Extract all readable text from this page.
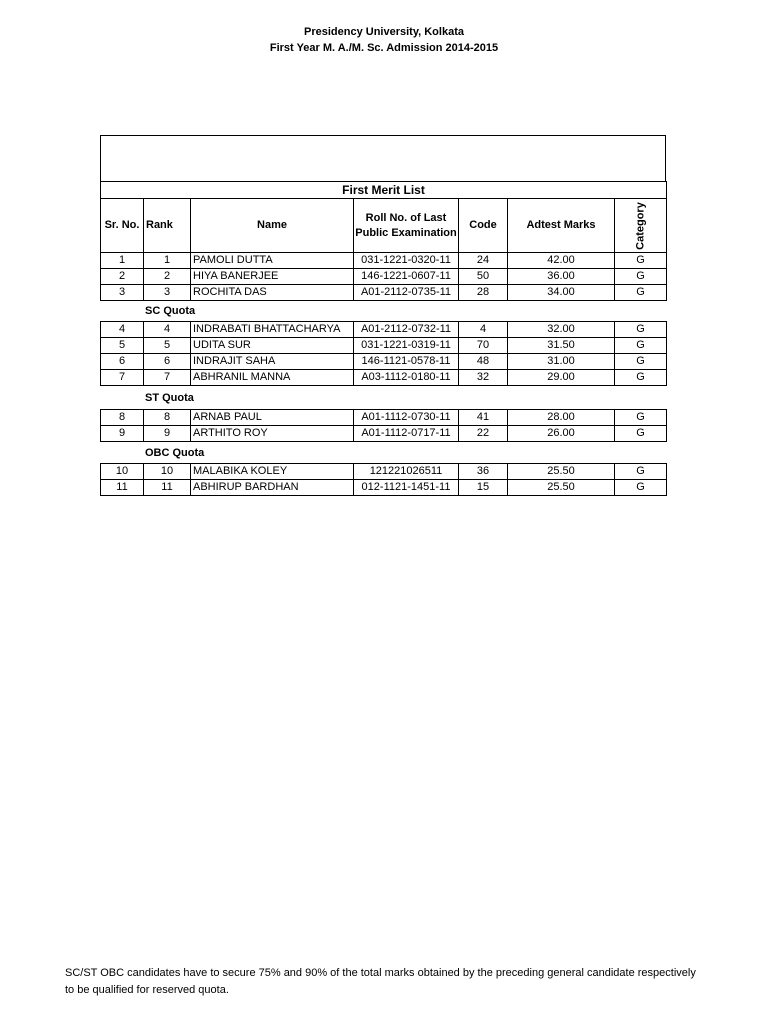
Presidency University, Kolkata
First Year M. A./M. Sc. Admission 2014-2015
First Merit List						
Sr. No.	Rank	Name	Roll No. of Last Public Examination	Code	Adtest Marks	Category

1	1	PAMOLI DUTTA	031-1221-0320-11	24	42.00	G
2	2	HIYA BANERJEE	146-1221-0607-11	50	36.00	G
3	3	ROCHITA DAS	A01-2112-0735-11	28	34.00	G
SC Quota
4	4	INDRABATI BHATTACHARYA	A01-2112-0732-11	4	32.00	G
5	5	UDITA SUR	031-1221-0319-11	70	31.50	G
6	6	INDRAJIT SAHA	146-1121-0578-11	48	31.00	G
7	7	ABHRANIL MANNA	A03-1112-0180-11	32	29.00	G
ST Quota
8	8	ARNAB PAUL	A01-1112-0730-11	41	28.00	G
9	9	ARTHITO ROY	A01-1112-0717-11	22	26.00	G
OBC Quota
10	10	MALABIKA KOLEY	121221026511	36	25.50	G
11	11	ABHIRUP BARDHAN	012-1121-1451-11	15	25.50	G
SC/ST OBC candidates have to secure 75% and 90% of the total marks obtained by the preceding general candidate respectively to be qualified for reserved quota.
